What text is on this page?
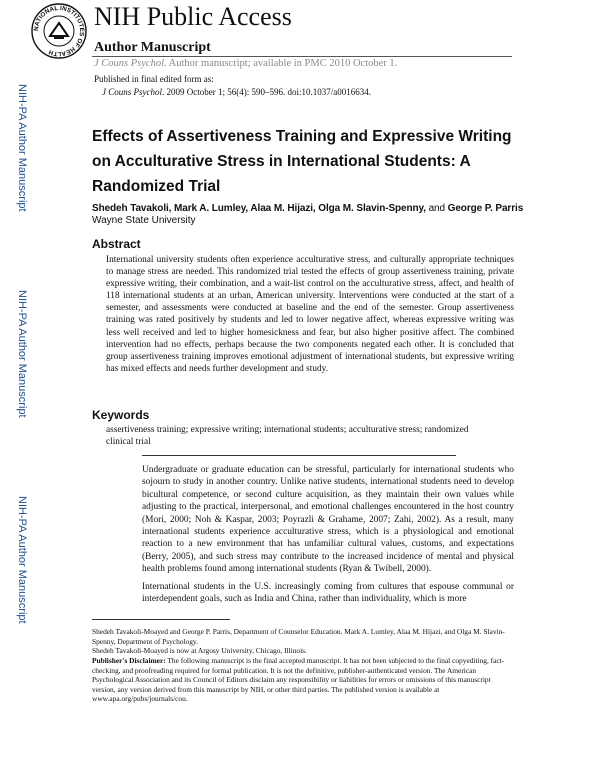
NATIONAL INSTITUTES OF HEALTH
NIH Public Access
Author Manuscript
J Couns Psychol. Author manuscript; available in PMC 2010 October 1.
Published in final edited form as:
J Couns Psychol. 2009 October 1; 56(4): 590–596. doi:10.1037/a0016634.
NIH-PA Author Manuscript
NIH-PA Author Manuscript
NIH-PA Author Manuscript
Effects of Assertiveness Training and Expressive Writing on Acculturative Stress in International Students: A Randomized Trial
Shedeh Tavakoli, Mark A. Lumley, Alaa M. Hijazi, Olga M. Slavin-Spenny, and George P. Parris
Wayne State University
Abstract
International university students often experience acculturative stress, and culturally appropriate techniques to manage stress are needed. This randomized trial tested the effects of group assertiveness training, private expressive writing, their combination, and a wait-list control on the acculturative stress, affect, and health of 118 international students at an urban, American university. Interventions were conducted at the start of a semester, and assessments were conducted at baseline and the end of the semester. Group assertiveness training was rated positively by students and led to lower negative affect, whereas expressive writing was less well received and led to higher homesickness and fear, but also higher positive affect. The combined intervention had no effects, perhaps because the two components negated each other. It is concluded that group assertiveness training improves emotional adjustment of international students, but expressive writing has mixed effects and needs further development and study.
Keywords
assertiveness training; expressive writing; international students; acculturative stress; randomized clinical trial
Undergraduate or graduate education can be stressful, particularly for international students who sojourn to study in another country. Unlike native students, international students need to develop bicultural competence, or second culture acquisition, as they maintain their own values while adjusting to the practical, interpersonal, and emotional challenges encountered in the host country (Mori, 2000; Noh & Kaspar, 2003; Poyrazli & Grahame, 2007; Zahi, 2002). As a result, many international students experience acculturative stress, which is a physiological and emotional reaction to a new environment that has unfamiliar cultural values, customs, and expectations (Berry, 2005), and such stress may contribute to the increased incidence of mental and physical health problems found among international students (Ryan & Twibell, 2000).
International students in the U.S. increasingly coming from cultures that espouse communal or interdependent goals, such as India and China, rather than individuality, which is more
Shedeh Tavakoli-Moayed and George P. Parris, Department of Counselor Education. Mark A. Lumley, Alaa M. Hijazi, and Olga M. Slavin-Spenny, Department of Psychology.
Shedeh Tavakoli-Moayed is now at Argosy University, Chicago, Illinois.
Publisher's Disclaimer: The following manuscript is the final accepted manuscript. It has not been subjected to the final copyediting, fact-checking, and proofreading required for formal publication. It is not the definitive, publisher-authenticated version. The American Psychological Association and its Council of Editors disclaim any responsibility or liabilities for errors or omissions of this manuscript version, any version derived from this manuscript by NIH, or other third parties. The published version is available at www.apa.org/pubs/journals/cou.
